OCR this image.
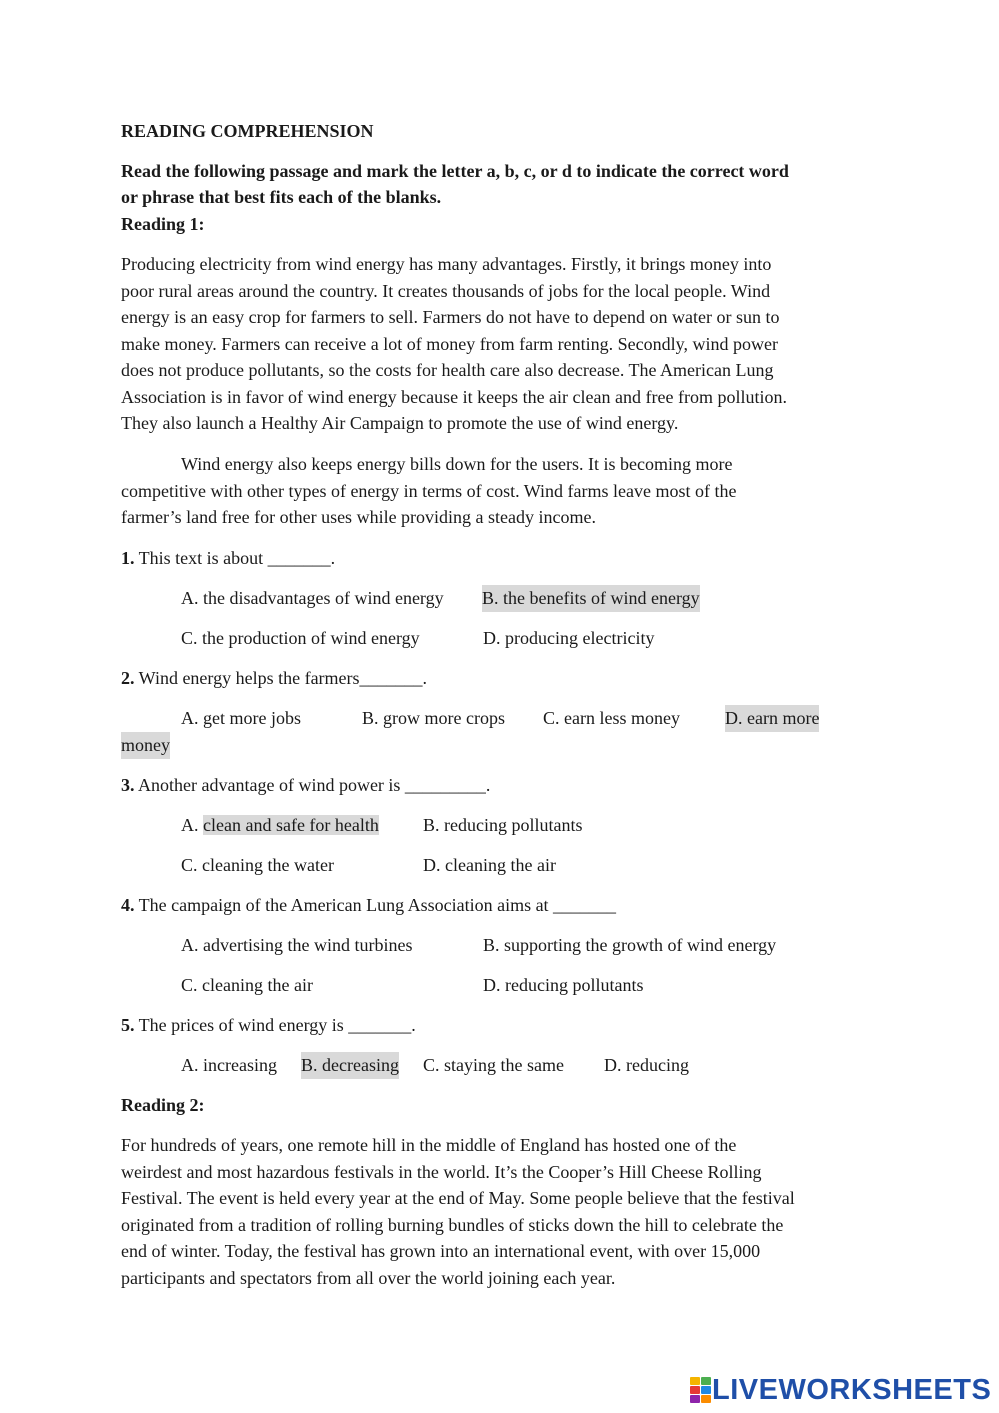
READING COMPREHENSION
Read the following passage and mark the letter a, b, c, or d to indicate the correct word
or phrase that best fits each of the blanks.
Reading 1:
Producing electricity from wind energy has many advantages. Firstly, it brings money into
poor rural areas around the country. It creates thousands of jobs for the local people. Wind
energy is an easy crop for farmers to sell. Farmers do not have to depend on water or sun to
make money. Farmers can receive a lot of money from farm renting. Secondly, wind power
does not produce pollutants, so the costs for health care also decrease. The American Lung
Association is in favor of wind energy because it keeps the air clean and free from pollution.
They also launch a Healthy Air Campaign to promote the use of wind energy.
Wind energy also keeps energy bills down for the users. It is becoming more
competitive with other types of energy in terms of cost. Wind farms leave most of the
farmer’s land free for other uses while providing a steady income.
1. This text is about _______.
A. the disadvantages of wind energy B. the benefits of wind energy
C. the production of wind energy	D. producing electricity
2. Wind energy helps the farmers_______.
A. get more jobs	B. grow more crops C. earn less money	D. earn more
money
3. Another advantage of wind power is _________.
A. clean and safe for health B. reducing pollutants
C. cleaning the water	D. cleaning the air
4. The campaign of the American Lung Association aims at _______
A. advertising the wind turbines	B. supporting the growth of wind energy
C. cleaning the air	D. reducing pollutants
5. The prices of wind energy is _______.
A. increasing B. decreasing C. staying the same D. reducing
Reading 2:
For hundreds of years, one remote hill in the middle of England has hosted one of the
weirdest and most hazardous festivals in the world. It’s the Cooper’s Hill Cheese Rolling
Festival. The event is held every year at the end of May. Some people believe that the festival
originated from a tradition of rolling burning bundles of sticks down the hill to celebrate the
end of winter. Today, the festival has grown into an international event, with over 15,000
participants and spectators from all over the world joining each year.
LIVEWORKSHEETS
